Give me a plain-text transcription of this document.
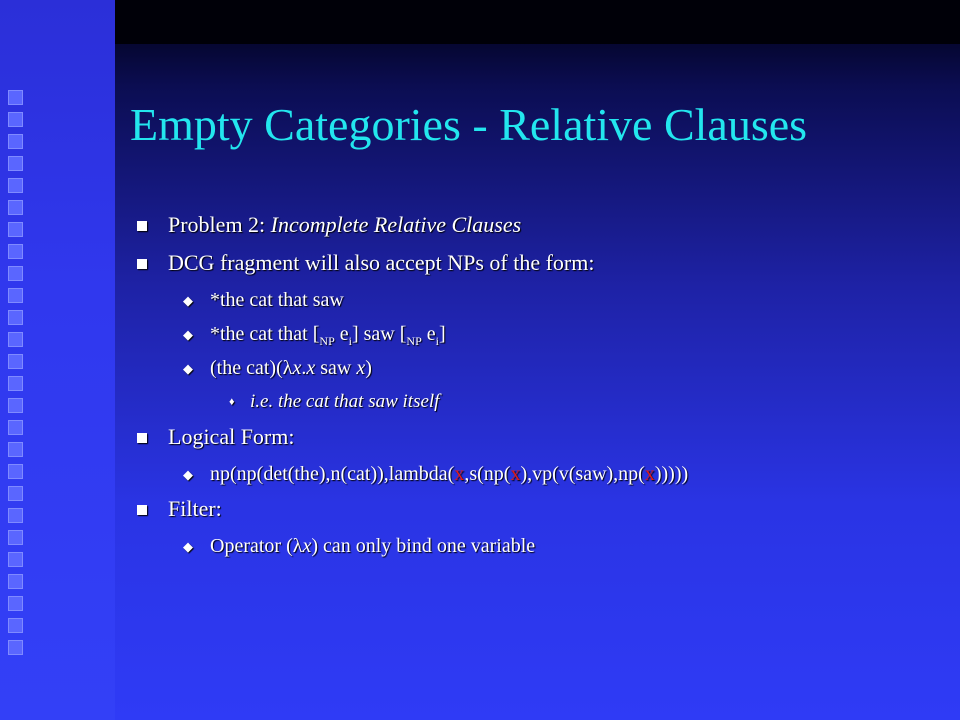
Empty Categories - Relative Clauses
Problem 2: Incomplete Relative Clauses
DCG fragment will also accept NPs of the form:
◆ *the cat that saw
◆ *the cat that [$_{NP}$ $e_i$] saw [$_{NP}$ $e_i$]
◆ (the cat)(λx.x saw x)
♦ i.e. the cat that saw itself
Logical Form:
◆ np(np(det(the),n(cat)),lambda(x,s(np(x),vp(v(saw),np(x)))))
Filter:
◆ Operator (λx) can only bind one variable
